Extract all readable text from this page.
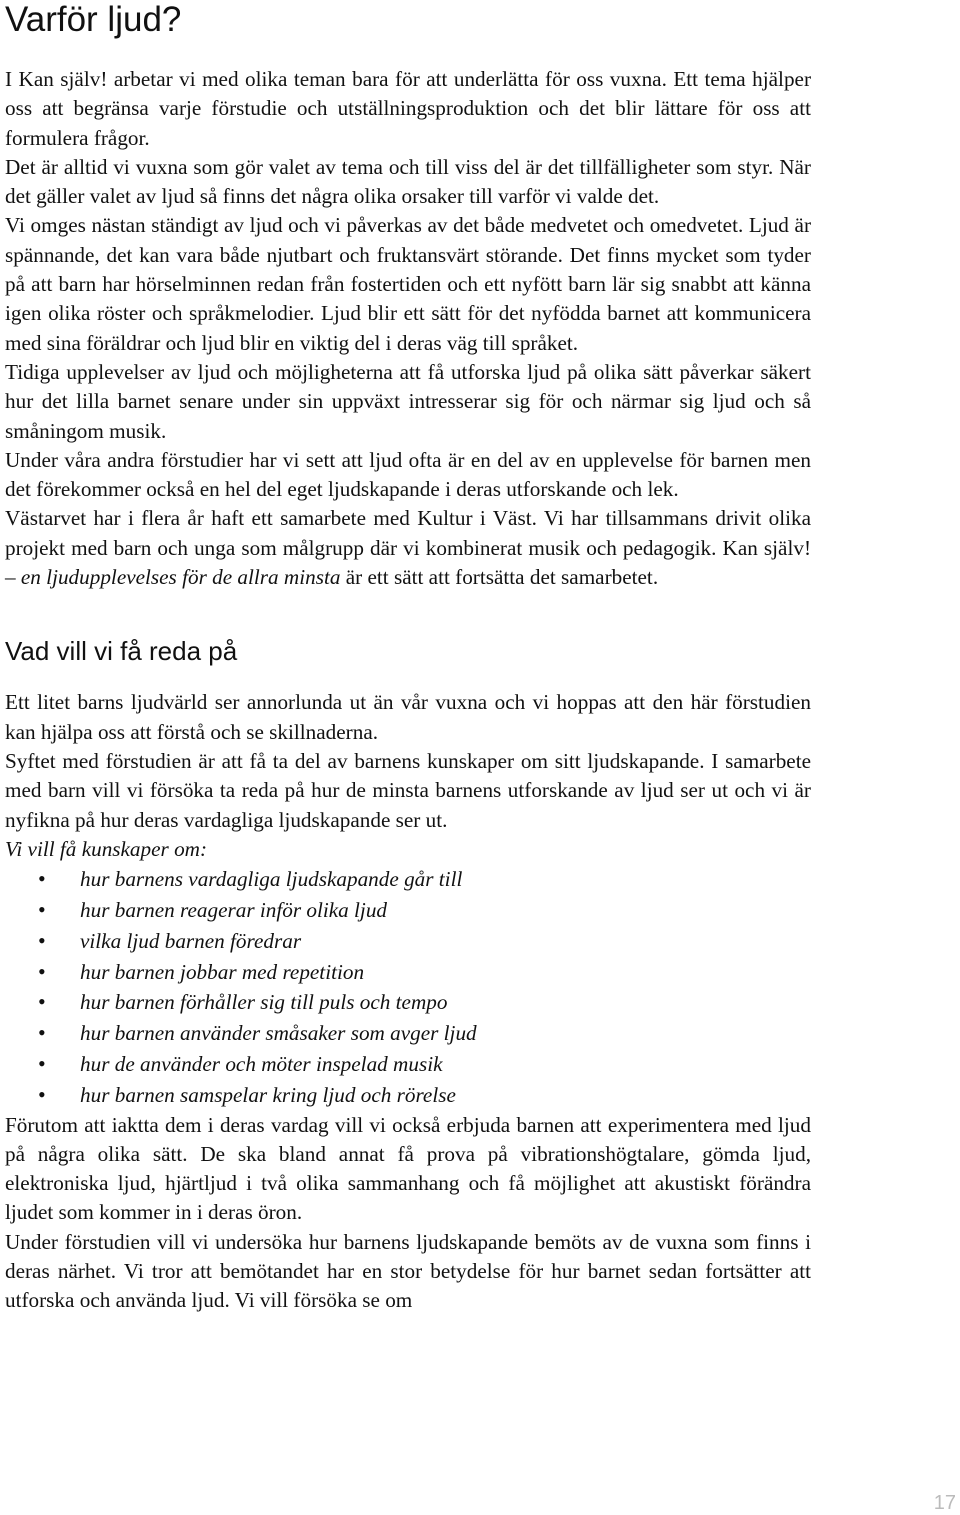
Varför ljud?

I Kan själv! arbetar vi med olika teman bara för att underlätta för oss vuxna. Ett tema hjälper oss att begränsa varje förstudie och utställningsproduktion och det blir lättare för oss att formulera frågor.

Det är alltid vi vuxna som gör valet av tema och till viss del är det tillfälligheter som styr. När det gäller valet av ljud så finns det några olika orsaker till varför vi valde det.

Vi omges nästan ständigt av ljud och vi påverkas av det både medvetet och omedvetet. Ljud är spännande, det kan vara både njutbart och fruktansvärt störande. Det finns mycket som tyder på att barn har hörselminnen redan från fostertiden och ett nyfött barn lär sig snabbt att känna igen olika röster och språkmelodier. Ljud blir ett sätt för det nyfödda barnet att kommunicera med sina föräldrar och ljud blir en viktig del i deras väg till språket.

Tidiga upplevelser av ljud och möjligheterna att få utforska ljud på olika sätt påverkar säkert hur det lilla barnet senare under sin uppväxt intresserar sig för och närmar sig ljud och så småningom musik.

Under våra andra förstudier har vi sett att ljud ofta är en del av en upplevelse för barnen men det förekommer också en hel del eget ljudskapande i deras utforskande och lek.

Västarvet har i flera år haft ett samarbete med Kultur i Väst. Vi har tillsammans drivit olika projekt med barn och unga som målgrupp där vi kombinerat musik och pedagogik. Kan själv! – en ljudupplevelses för de allra minsta är ett sätt att fortsätta det samarbetet.

Vad vill vi få reda på

Ett litet barns ljudvärld ser annorlunda ut än vår vuxna och vi hoppas att den här förstudien kan hjälpa oss att förstå och se skillnaderna.

Syftet med förstudien är att få ta del av barnens kunskaper om sitt ljudskapande. I samarbete med barn vill vi försöka ta reda på hur de minsta barnens utforskande av ljud ser ut och vi är nyfikna på hur deras vardagliga ljudskapande ser ut.

Vi vill få kunskaper om:

• hur barnens vardagliga ljudskapande går till
• hur barnen reagerar inför olika ljud
• vilka ljud barnen föredrar
• hur barnen jobbar med repetition
• hur barnen förhåller sig till puls och tempo
• hur barnen använder småsaker som avger ljud
• hur de använder och möter inspelad musik
• hur barnen samspelar kring ljud och rörelse

Förutom att iaktta dem i deras vardag vill vi också erbjuda barnen att experimentera med ljud på några olika sätt. De ska bland annat få prova på vibrationshögtalare, gömda ljud, elektroniska ljud, hjärtljud i två olika sammanhang och få möjlighet att akustiskt förändra ljudet som kommer in i deras öron.

Under förstudien vill vi undersöka hur barnens ljudskapande bemöts av de vuxna som finns i deras närhet. Vi tror att bemötandet har en stor betydelse för hur barnet sedan fortsätter att utforska och använda ljud. Vi vill försöka se om

17
